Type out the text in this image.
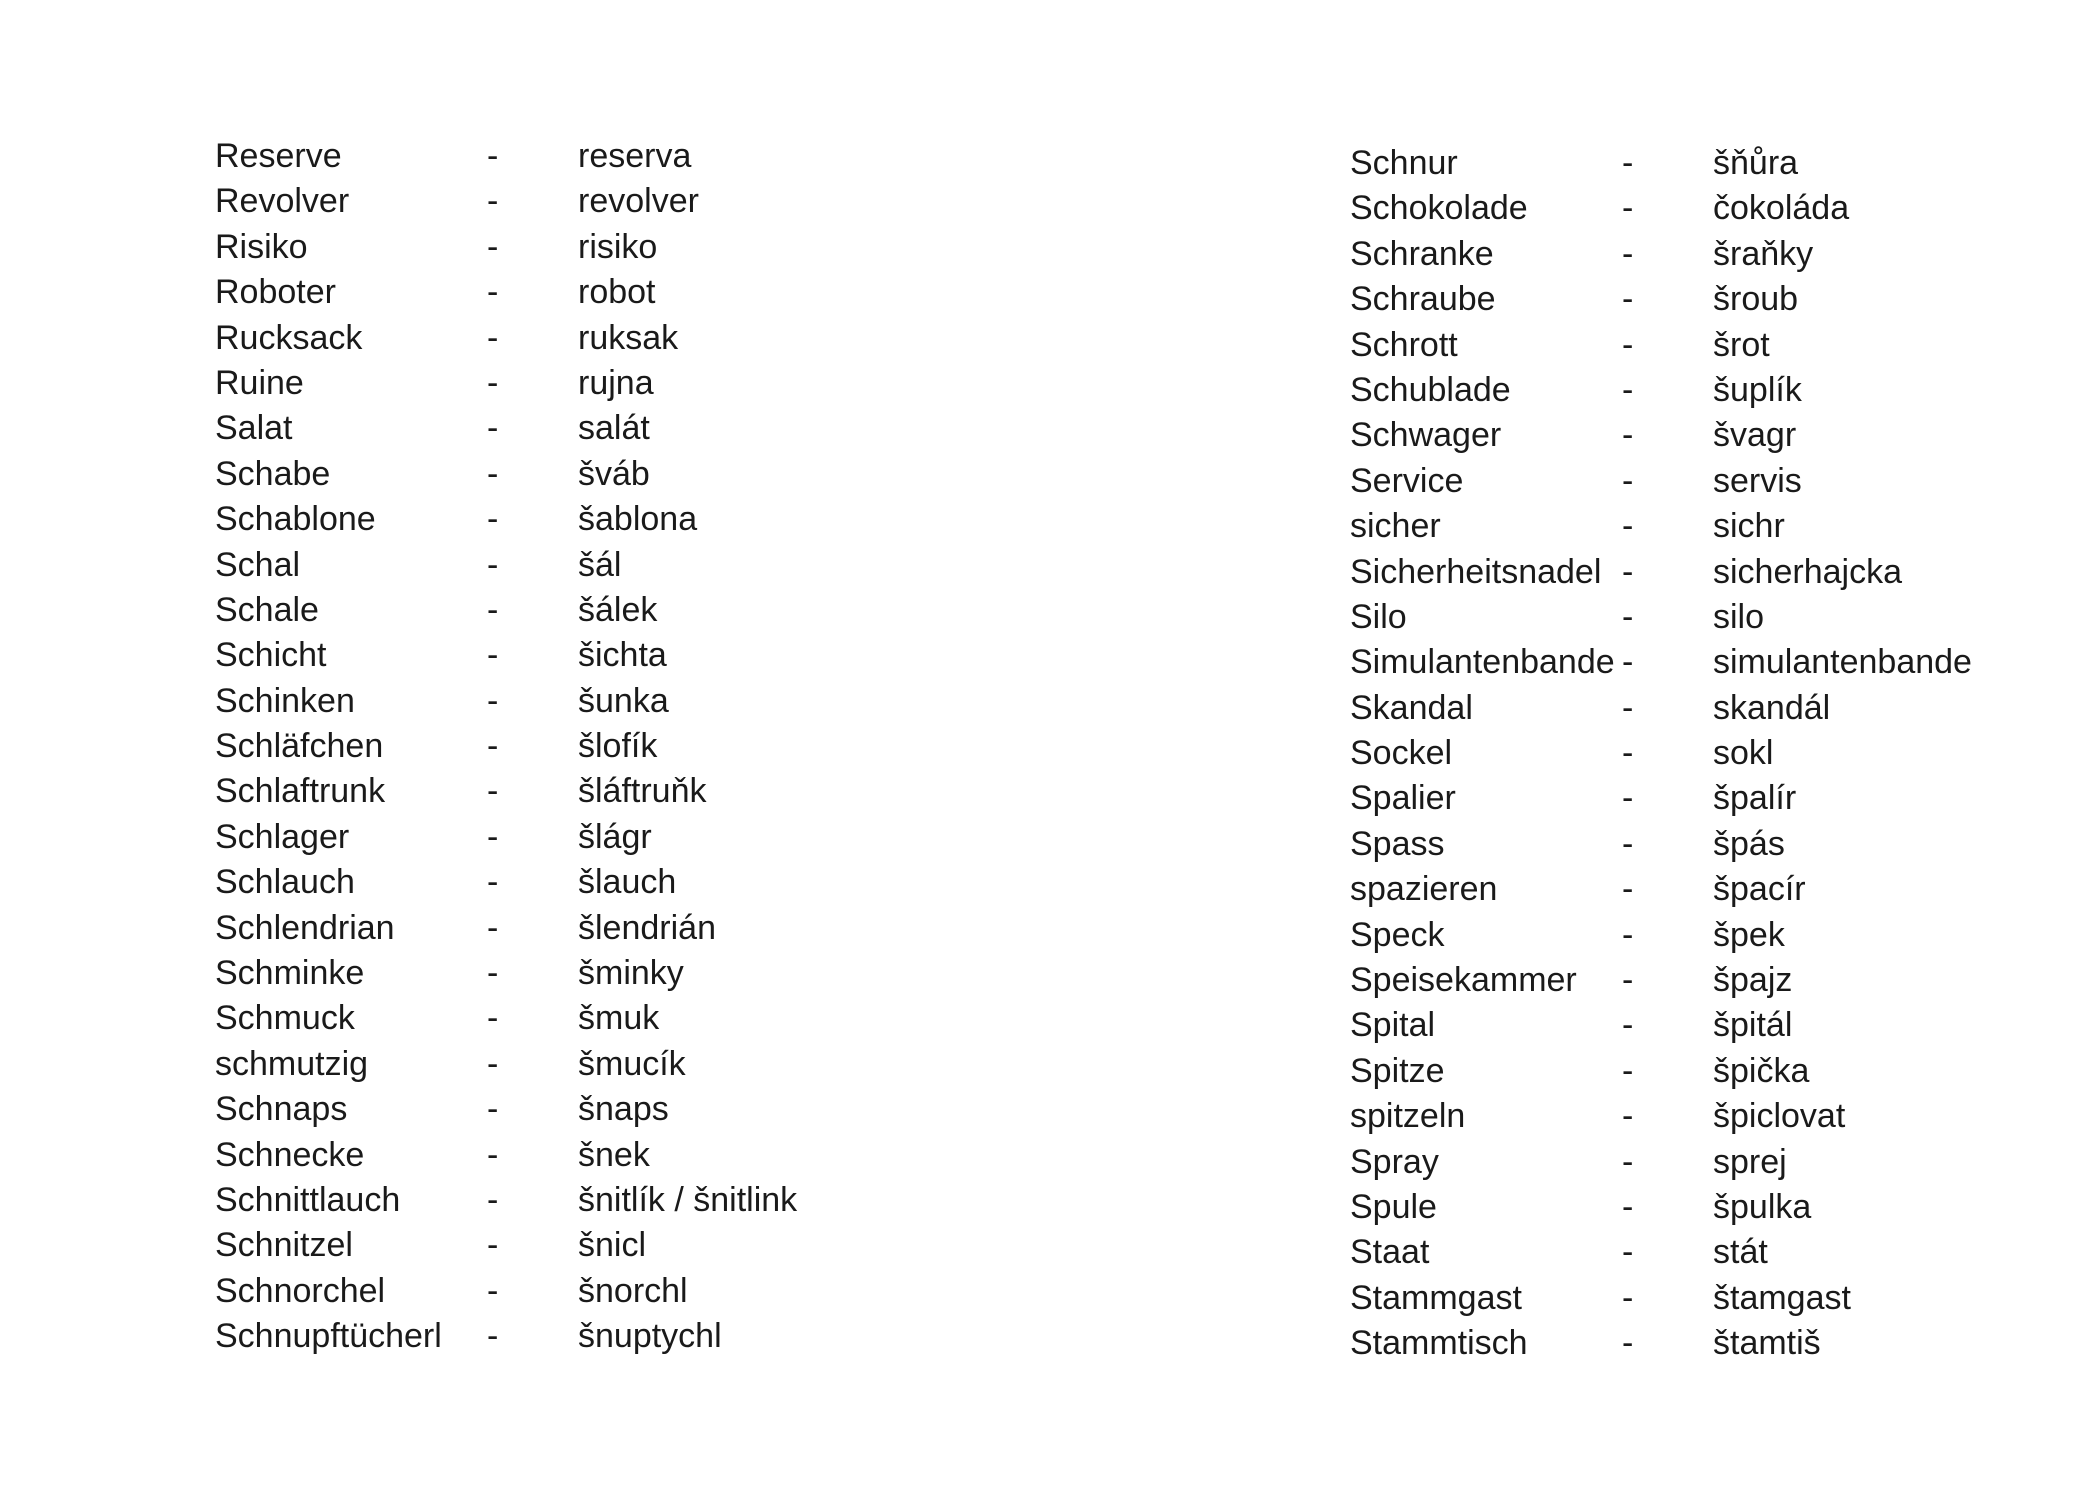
Reserve	- reserva
Revolver	- revolver
Risiko	- risiko
Roboter	- robot
Rucksack	- ruksak
Ruine	- rujna
Salat	- salát
Schabe	- šváb
Schablone	- šablona
Schal	- šál
Schale	- šálek
Schicht	- šichta
Schinken	- šunka
Schläfchen	- šlofík
Schlaftrunk	- šláftruňk
Schlager	- šlágr
Schlauch	- šlauch
Schlendrian	- šlendrián
Schminke	- šminky
Schmuck	- šmuk
schmutzig	- šmucík
Schnaps	- šnaps
Schnecke	- šnek
Schnittlauch	- šnitlík / šnitlink
Schnitzel	- šnicl
Schnorchel	- šnorchl
Schnupftücherl - šnuptychl
Schnur	- šňůra
Schokolade	- čokoláda
Schranke	- šraňky
Schraube	- šroub
Schrott	- šrot
Schublade	- šuplík
Schwager	- švagr
Service	- servis
sicher	- sichr
Sicherheitsnadel - sicherhajcka
Silo	- silo
Simulantenbande - simulantenbande
Skandal	- skandál
Sockel	- sokl
Spalier	- špalír
Spass	- špás
spazieren	- špacír
Speck	- špek
Speisekammer - špajz
Spital	- špitál
Spitze	- špička
spitzeln	- špiclovat
Spray	- sprej
Spule	- špulka
Staat	- stát
Stammgast	- štamgast
Stammtisch	- štamtiš
